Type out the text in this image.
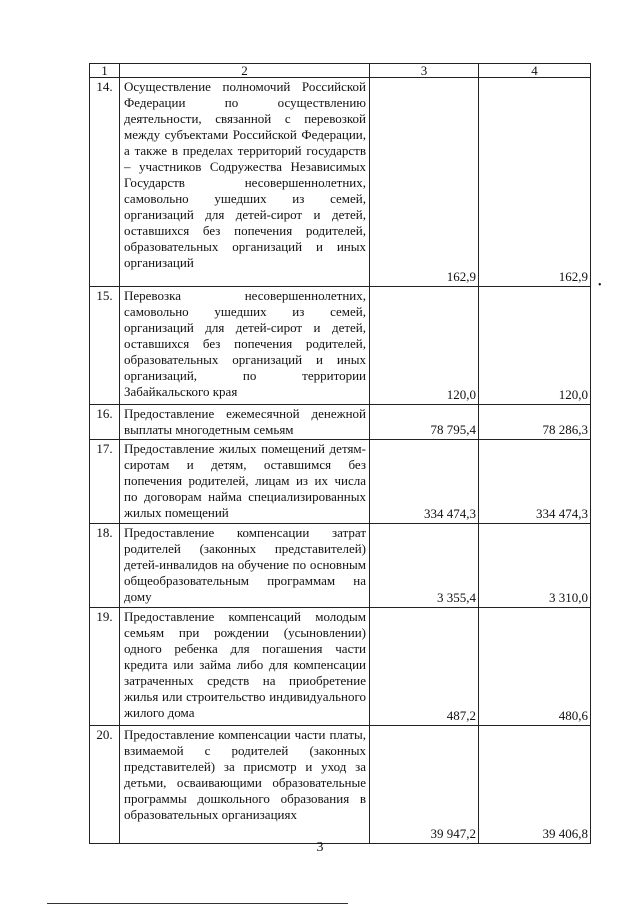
1	2	3	4
14.	Осуществление полномочий Российской Федерации по осуществлению деятельности, связанной с перевозкой между субъектами Российской Федерации, а также в пределах территорий государств – участников Содружества Независимых Государств несовершеннолетних, самовольно ушедших из семей, организаций для детей-сирот и детей, оставшихся без попечения родителей, образовательных организаций и иных организаций	162,9	162,9
15.	Перевозка несовершеннолетних, самовольно ушедших из семей, организаций для детей-сирот и детей, оставшихся без попечения родителей, образовательных организаций и иных организаций, по территории Забайкальского края	120,0	120,0
16.	Предоставление ежемесячной денежной выплаты многодетным семьям	78 795,4	78 286,3
17.	Предоставление жилых помещений детям-сиротам и детям, оставшимся без попечения родителей, лицам из их числа по договорам найма специализированных жилых помещений	334 474,3	334 474,3
18.	Предоставление компенсации затрат родителей (законных представителей) детей-инвалидов на обучение по основным общеобразовательным программам на дому	3 355,4	3 310,0
19.	Предоставление компенсаций молодым семьям при рождении (усыновлении) одного ребенка для погашения части кредита или займа либо для компенсации затраченных средств на приобретение жилья или строительство индивидуального жилого дома	487,2	480,6
20.	Предоставление компенсации части платы, взимаемой с родителей (законных представителей) за присмотр и уход за детьми, осваивающими образовательные программы дошкольного образования в образовательных организациях	39 947,2	39 406,8
•
3
